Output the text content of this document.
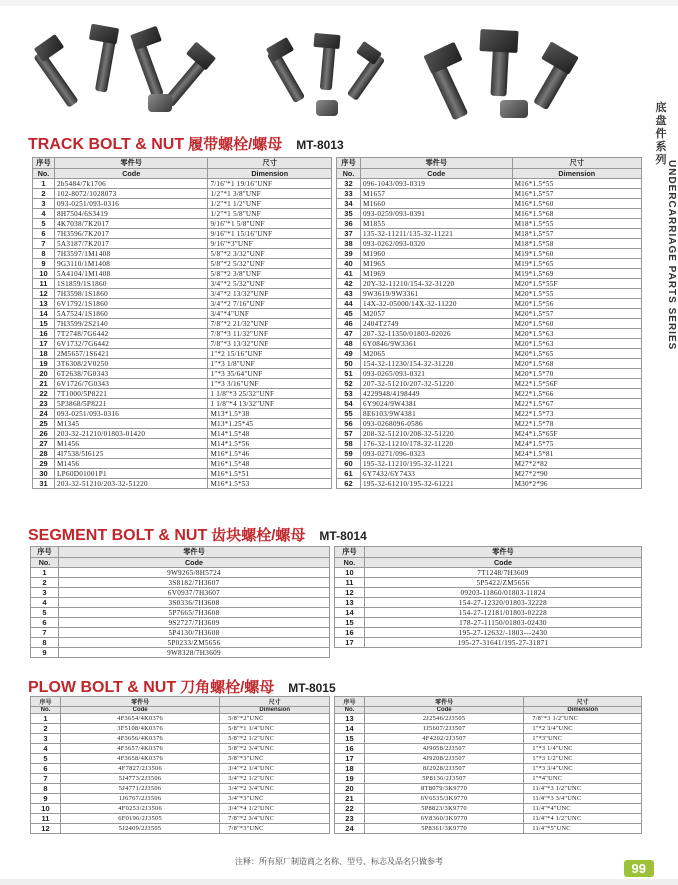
底盘件系列 UNDERCARRIAGE PARTS SERIES
TRACK BOLT & NUT 履带螺栓/螺母 MT-8013
序号	零件号	尺寸
No.	Code	Dimension
1	2b5484/7k1706	7/16"*1 19/16"UNF
2	102-8072/1028073	1/2"*1 3/8"UNF
3	093-0251/093-0316	1/2"*1 1/2"UNF
4	8H7504/6S3419	1/2"*1 5/8"UNF
5	4K7038/7K2017	9/16"*1 5/8"UNF
6	7H3596/7K2017	9/16"*1 15/16"UNF
7	5A3187/7K2017	9/16"*3"UNF
8	7H3597/1M1408	5/8"*2 3/32"UNF
9	9G3110/1M1408	5/8"*2 5/32"UNF
10	5A4104/1M1408	5/8"*2 3/8"UNF
11	1S1859/1S1860	3/4"*2 5/32"UNF
12	7H3598/1S1860	3/4"*2 13/32"UNF
13	6V1792/1S1860	3/4"*2 7/16"UNF
14	5A7524/1S1860	3/4"*4"UNF
15	7H3599/2S2140	7/8"*2 21/32"UNF
16	7T2748/7G6442	7/8"*3 11/32"UNF
17	6V1732/7G6442	7/8"*3 13/32"UNF
18	2M5657/1S6421	1"*2 15/16"UNF
19	3T6308/2V0250	1"*3 1/8"UNF
20	6T2638/7G0343	1"*3 35/64"UNF
21	6V1726/7G0343	1"*3 3/16"UNF
22	7T1000/5P8221	1 1/8"*3 25/32"UNF
23	5P3868/5P8221	1 1/8"*4 13/32"UNF
24	093-0251/093-0316	M13*1.5*38
25	M1345	M13*1.25*45
26	203-32-21210/01803-01420	M14*1.5*48
27	M1456	M14*1.5*56
28	4I7538/5I6125	M16*1.5*46
29	M1456	M16*1.5*48
30	LP60D01001P1	M16*1.5*51
31	203-32-51210/203-32-51220	M16*1.5*53
序号	零件号	尺寸
No.	Code	Dimension
32	096-1043/093-0319	M16*1.5*55
33	M1657	M16*1.5*57
34	M1660	M16*1.5*60
35	093-0259/093-0391	M16*1.5*68
36	M1855	M18*1.5*55
37	135-32-11211/135-32-11221	M18*1.5*57
38	093-0262/093-0320	M18*1.5*58
39	M1960	M19*1.5*60
40	M1965	M19*1.5*65
41	M1969	M19*1.5*69
42	20Y-32-11210/154-32-31220	M20*1.5*55F
43	9W3619/9W3361	M20*1.5*55
44	14X-32-05000/14X-32-11220	M20*1.5*56
45	M2057	M20*1.5*57
46	2404T2749	M20*1.5*60
47	207-32-11350/01803-02026	M20*1.5*63
48	6Y0846/9W3361	M20*1.5*63
49	M2065	M20*1.5*65
50	154-32-11230/154-32-31220	M20*1.5*68
51	093-0265/093-0321	M20*1.5*70
52	207-32-51210/207-32-51220	M22*1.5*56F
53	4229948/4198449	M22*1.5*66
54	6Y9024/9W4381	M22*1.5*67
55	8E6103/9W4381	M22*1.5*73
56	093-0268096-0586	M22*1.5*78
57	208-32-51210/208-32-51220	M24*1.5*65F
58	176-32-11210/178-32-11220	M24*1.5*75
59	093-0271/096-0323	M24*1.5*81
60	195-32-11210/195-32-11221	M27*2*82
61	6Y7432/6Y7433	M27*2*90
62	195-32-61210/195-32-61221	M30*2*96
SEGMENT BOLT & NUT 齿块螺栓/螺母 MT-8014
序号	零件号
No.	Code
1	9W9265/8H5724
2	3S8182/7H3607
3	6V0937/7H3607
4	3S0336/7H3608
5	5P7665/7H3608
6	9S2727/7H3609
7	5P4130/7H3608
8	5P0233/ZM5656
9	9W8328/7H3609
序号	零件号
No.	Code
10	7T1248/7H3609
11	5P5422/ZM5656
12	09203-11860/01803-11824
13	154-27-12320/01803-32228
14	154-27-12181/01803-02228
15	178-27-11150/01803-02430
16	195-27-12632/-1803---2430
17	195-27-31641/195-27-31871
PLOW BOLT & NUT 刀角螺栓/螺母 MT-8015
序号	零件号	尺寸
No.	Code	Dimension
1	4F3654/4K0376	5/8"*2"UNC
2	3F5108/4K0376	5/8"*1 1/4"UNC
3	4F3656/4K0376	5/8"*2 1/2"UNC
4	4F3657/4K0376	5/8"*2 3/4"UNC
5	4F3658/4K0376	5/8"*3"UNC
6	4F7827/2J3506	3/4"*2 1/4"UNC
7	5J4773/2J3506	3/4"*2 1/2"UNC
8	5J4771/2J3506	3/4"*2 3/4"UNC
9	1J6767/2J3506	3/4"*3"UNC
10	4F0253/2J3506	3/4"*4 1/2"UNC
11	6F0196/2J3505	7/8"*2 3/4"UNC
12	5J2409/2J3505	7/8"*3"UNC
序号	零件号	尺寸
No.	Code	Dimension
13	2J2546/2J3505	7/8"*3 1/2"UNC
14	1J5607/2J3507	1"*2 3/4"UNC
15	4F4202/2J3507	1"*3"UNC
16	4J9058/2J3507	1"*3 1/4"UNC
17	4J9208/2J3507	1"*3 1/2"UNC
18	8J2928/2J3507	1"*3 3/4"UNC
19	5P8136/2J3507	1"*4"UNC
20	8T8079/3K9770	11/4"*3 1/2"UNC
21	6V6535/3K9770	11/4"*3 3/4"UNC
22	5P8823/3K9770	11/4"*4"UNC
23	6V8360/3K9770	11/4"*4 1/2"UNC
24	5P8361/3K9770	11/4"*5"UNC
注释：所有原厂制造商之名称、型号、标志及品名只做参考	99
